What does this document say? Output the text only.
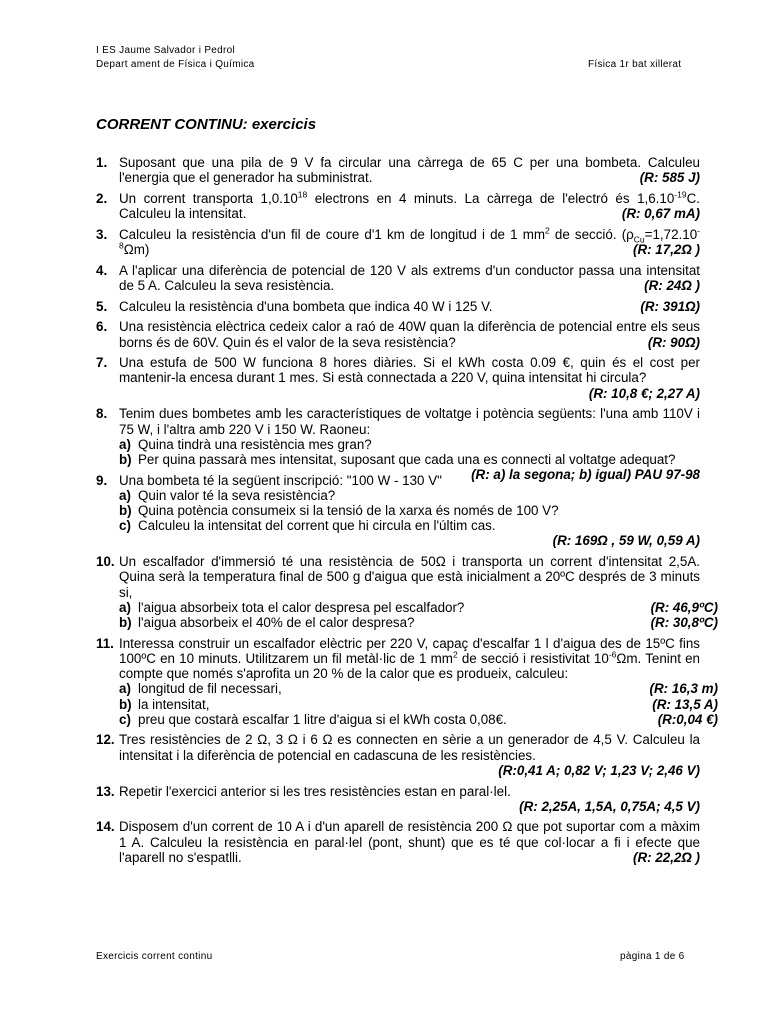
I ES Jaume Salvador i Pedrol
Depart ament de Física i Química	Física 1r bat xillerat
CORRENT CONTINU: exercicis
1. Suposant que una pila de 9 V fa circular una càrrega de 65 C per una bombeta. Calculeu l'energia que el generador ha subministrat.	(R: 585 J)
2. Un corrent transporta 1,0.10$^{18}$ electrons en 4 minuts. La càrrega de l'electró és $1,6.10^{-19}C$. Calculeu la intensitat.	(R: 0,67 mA)
3. Calculeu la resistència d'un fil de coure d'1 km de longitud i de 1 $mm^2$ de secció. $(\rho_{Cu}=1,72.10^{-8}\Omega m)$	(R: 17,2Ω )
4. A l'aplicar una diferència de potencial de 120 V als extrems d'un conductor passa una intensitat de 5 A. Calculeu la seva resistència.	(R: 24Ω )
5. Calculeu la resistència d'una bombeta que indica 40 W i 125 V.	(R: 391Ω)
6. Una resistència elèctrica cedeix calor a raó de 40W quan la diferència de potencial entre els seus borns és de 60V. Quin és el valor de la seva resistència?	(R: 90Ω)
7. Una estufa de 500 W funciona 8 hores diàries. Si el kWh costa 0.09 €, quin és el cost per mantenir-la encesa durant 1 mes. Si està connectada a 220 V, quina intensitat hi circula?
(R: 10,8 €; 2,27 A)
8. Tenim dues bombetes amb les característiques de voltatge i potència següents: l'una amb 110V i 75 W, i l'altra amb 220 V i 150 W. Raoneu:
a) Quina tindrà una resistència mes gran?
b) Per quina passarà mes intensitat, suposant que cada una es connecti al voltatge adequat?
(R: a) la segona; b) igual) PAU 97-98
9. Una bombeta té la següent inscripció: "100 W - 130 V"
a) Quin valor té la seva resistència?
b) Quina potència consumeix si la tensió de la xarxa és només de 100 V?
c) Calculeu la intensitat del corrent que hi circula en l'últim cas.
(R: 169Ω , 59 W, 0,59 A)
10. Un escalfador d'immersió té una resistència de 50Ω i transporta un corrent d'intensitat 2,5A. Quina serà la temperatura final de 500 g d'aigua que està inicialment a 20ºC després de 3 minuts si,
a) l'aigua absorbeix tota el calor despresa pel escalfador?	(R: 46,9ºC)
b) l'aigua absorbeix el 40% de el calor despresa?	(R: 30,8ºC)
11. Interessa construir un escalfador elèctric per 220 V, capaç d'escalfar 1 l d'aigua des de 15ºC fins 100ºC en 10 minuts. Utilitzarem un fil metàl·lic de 1 $mm^2$ de secció i resistivitat $10^{-6}\Omega m$. Tenint en compte que només s'aprofita un 20 % de la calor que es produeix, calculeu:
a) longitud de fil necessari,	(R: 16,3 m)
b) la intensitat,	(R: 13,5 A)
c) preu que costarà escalfar 1 litre d'aigua si el kWh costa 0,08€.	(R:0,04 €)
12. Tres resistències de 2 Ω, 3 Ω i 6 Ω es connecten en sèrie a un generador de 4,5 V. Calculeu la intensitat i la diferència de potencial en cadascuna de les resistències.
(R:0,41 A; 0,82 V; 1,23 V; 2,46 V)
13. Repetir l'exercici anterior si les tres resistències estan en paral·lel.
(R: 2,25A, 1,5A, 0,75A; 4,5 V)
14. Disposem d'un corrent de 10 A i d'un aparell de resistència 200 Ω que pot suportar com a màxim 1 A. Calculeu la resistència en paral·lel (pont, shunt) que es té que col·locar a fi i efecte que l'aparell no s'espatlli.	(R: 22,2Ω )
Exercicis corrent continu	pàgina 1 de 6
